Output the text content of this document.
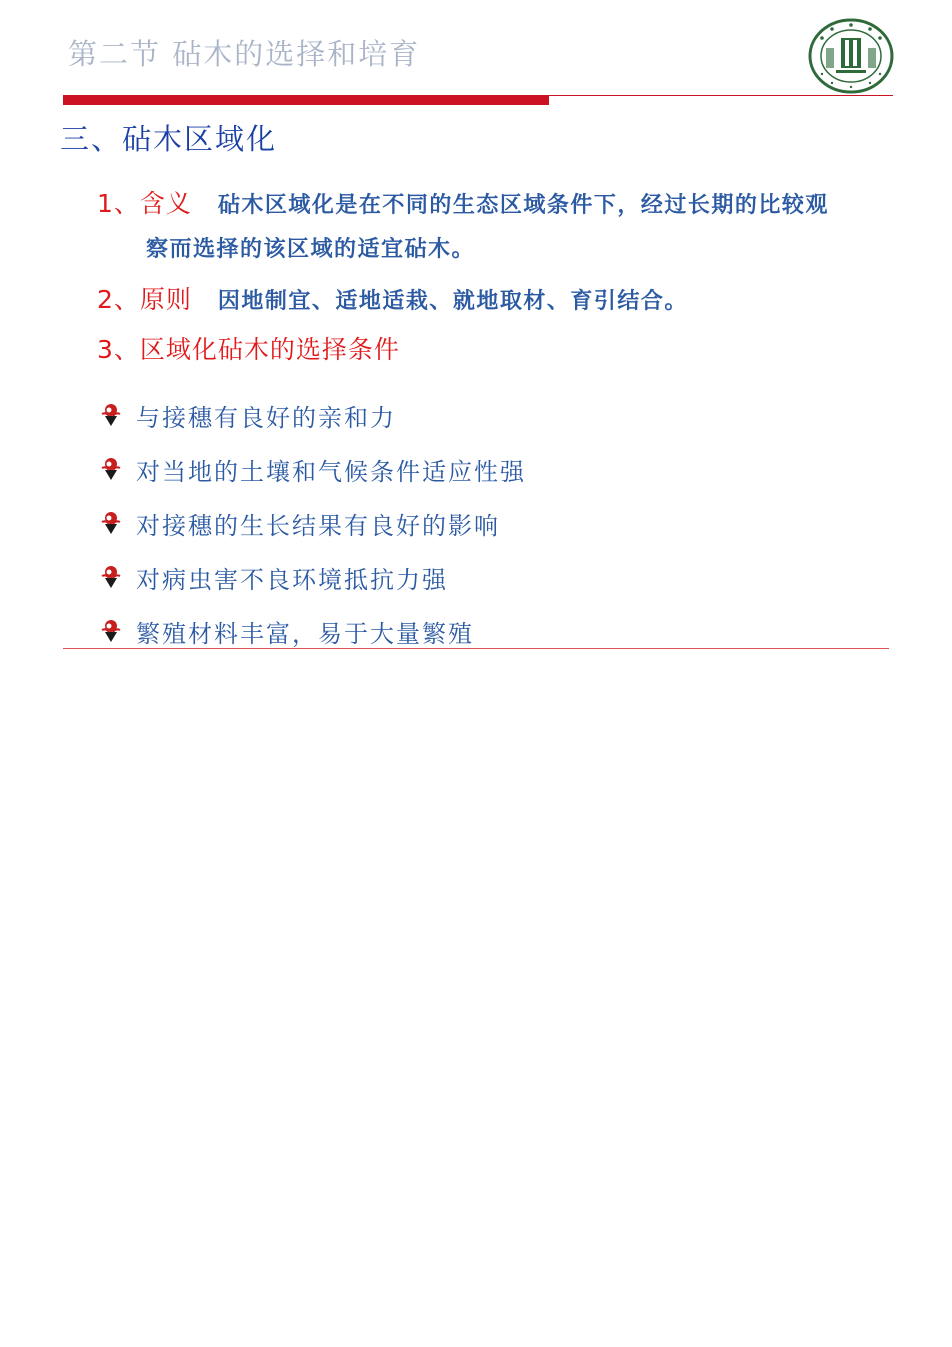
第二节 砧木的选择和培育
三、砧木区域化
1、含义 砧木区域化是在不同的生态区域条件下，经过长期的比较观
察而选择的该区域的适宜砧木。
2、原则 因地制宜、适地适栽、就地取材、育引结合。
3、区域化砧木的选择条件
与接穗有良好的亲和力
对当地的土壤和气候条件适应性强
对接穗的生长结果有良好的影响
对病虫害不良环境抵抗力强
繁殖材料丰富，易于大量繁殖
